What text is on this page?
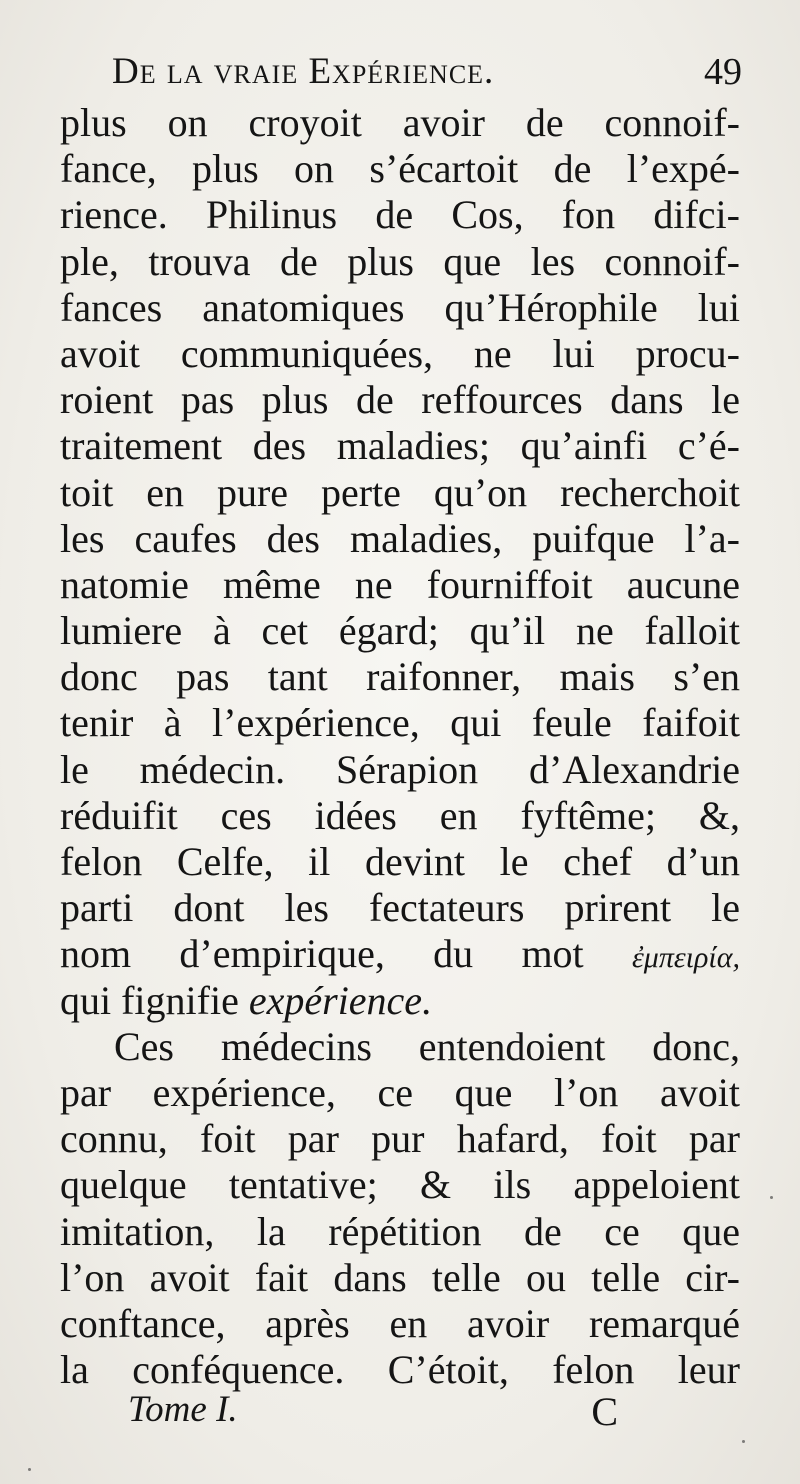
De la vraie Expérience.	49
plus on croyoit avoir de connoif-
fance, plus on s’écartoit de l’expé-
rience. Philinus de Cos, fon difci-
ple, trouva de plus que les connoif-
fances anatomiques qu’Hérophile lui
avoit communiquées, ne lui procu-
roient pas plus de reffources dans le
traitement des maladies; qu’ainfi c’é-
toit en pure perte qu’on recherchoit
les caufes des maladies, puifque l’a-
natomie même ne fourniffoit aucune
lumiere à cet égard; qu’il ne falloit
donc pas tant raifonner, mais s’en
tenir à l’expérience, qui feule faifoit
le médecin. Sérapion d’Alexandrie
réduifit ces idées en fyftême; &,
felon Celfe, il devint le chef d’un
parti dont les fectateurs prirent le
nom d’empirique, du mot ἐμπειρία,
qui fignifie expérience.
Ces médecins entendoient donc,
par expérience, ce que l’on avoit
connu, foit par pur hafard, foit par
quelque tentative; & ils appeloient
imitation, la répétition de ce que
l’on avoit fait dans telle ou telle cir-
conftance, après en avoir remarqué
la conféquence. C’étoit, felon leur
Tome I.	C
